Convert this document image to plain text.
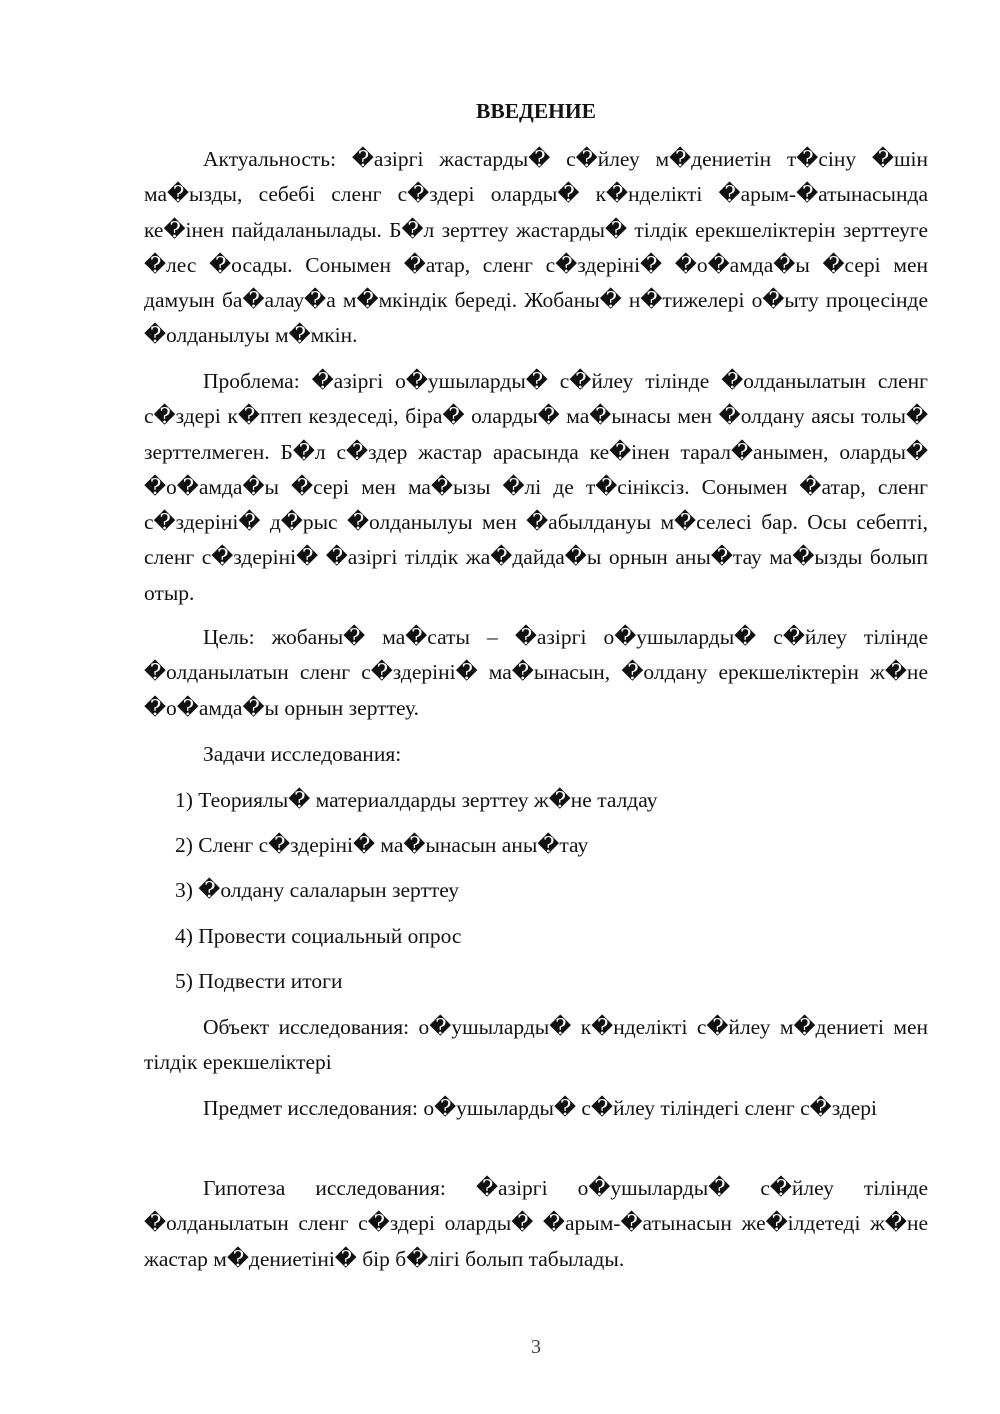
ВВЕДЕНИЕ

Актуальность: �азіргі жастарды� с�йлеу м�дениетін т�сіну �шін ма�ызды, себебі сленг с�здері оларды� к�нделікті �арым-�атынасында ке�інен пайдаланылады. Б�л зерттеу жастарды� тілдік ерекшеліктерін зерттеуге �лес �осады. Сонымен �атар, сленг с�здеріні� �о�амда�ы �сері мен дамуын ба�алау�а м�мкіндік береді. Жобаны� н�тижелері о�ыту процесінде �олданылуы м�мкін.

Проблема: �азіргі о�ушыларды� с�йлеу тілінде �олданылатын сленг с�здері к�птеп кездеседі, біра� оларды� ма�ынасы мен �олдану аясы толы� зерттелмеген. Б�л с�здер жастар арасында ке�інен тарал�анымен, оларды� �о�амда�ы �сері мен ма�ызы �лі де т�сініксіз. Сонымен �атар, сленг с�здеріні� д�рыс �олданылуы мен �абылдануы м�селесі бар. Осы себепті, сленг с�здеріні� �азіргі тілдік жа�дайда�ы орнын аны�тау ма�ызды болып отыр.

Цель: жобаны� ма�саты – �азіргі о�ушыларды� с�йлеу тілінде �олданылатын сленг с�здеріні� ма�ынасын, �олдану ерекшеліктерін ж�не �о�амда�ы орнын зерттеу.

Задачи исследования:
1) Теориялы� материалдарды зерттеу ж�не талдау
2) Сленг с�здеріні� ма�ынасын аны�тау
3) �олдану салаларын зерттеу
4) Провести социальный опрос
5) Подвести итоги

Объект исследования: о�ушыларды� к�нделікті с�йлеу м�дениеті мен тілдік ерекшеліктері

Предмет исследования: о�ушыларды� с�йлеу тіліндегі сленг с�здері

Гипотеза исследования: �азіргі о�ушыларды� с�йлеу тілінде �олданылатын сленг с�здері оларды� �арым-�атынасын же�ілдетеді ж�не жастар м�дениетіні� бір б�лігі болып табылады.

3
